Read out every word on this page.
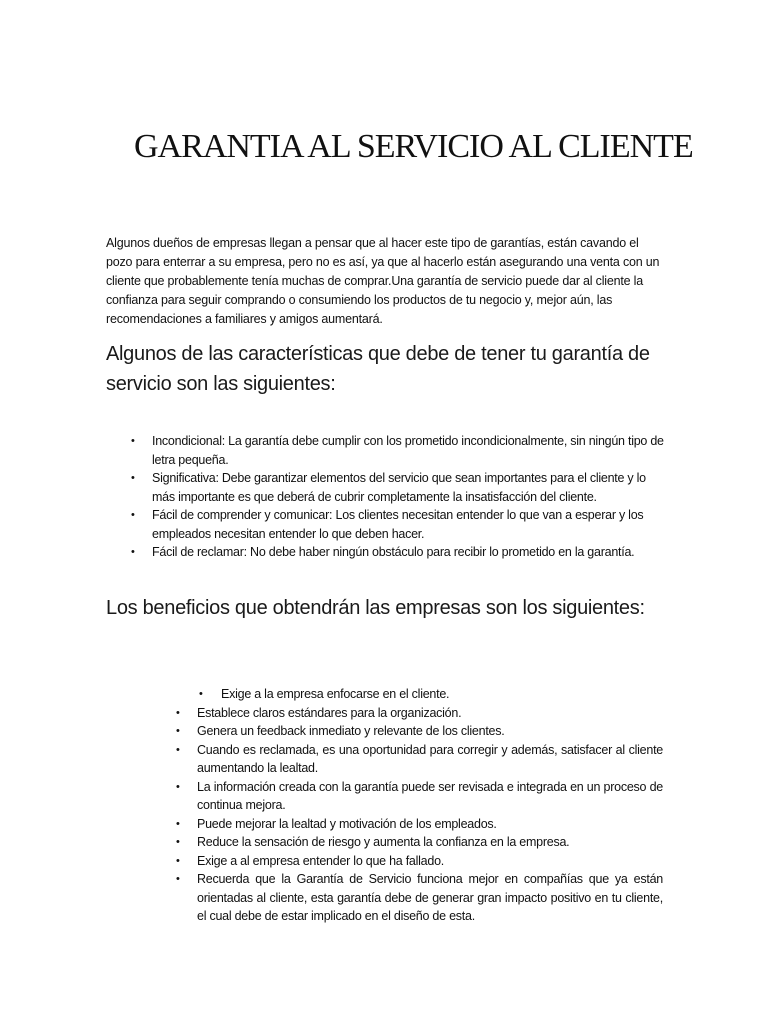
GARANTIA AL SERVICIO AL CLIENTE

Algunos dueños de empresas llegan a pensar que al hacer este tipo de garantías, están cavando el pozo para enterrar a su empresa, pero no es así, ya que al hacerlo están asegurando una venta con un cliente que probablemente tenía muchas de comprar.Una garantía de servicio puede dar al cliente la confianza para seguir comprando o consumiendo los productos de tu negocio y, mejor aún, las recomendaciones a familiares y amigos aumentará.

Algunos de las características que debe de tener tu garantía de servicio son las siguientes:
• Incondicional: La garantía debe cumplir con los prometido incondicionalmente, sin ningún tipo de letra pequeña.
• Significativa: Debe garantizar elementos del servicio que sean importantes para el cliente y lo más importante es que deberá de cubrir completamente la insatisfacción del cliente.
• Fácil de comprender y comunicar: Los clientes necesitan entender lo que van a esperar y los empleados necesitan entender lo que deben hacer.
• Fácil de reclamar: No debe haber ningún obstáculo para recibir lo prometido en la garantía.
Los beneficios que obtendrán las empresas son los siguientes:
• Exige a la empresa enfocarse en el cliente.
• Establece claros estándares para la organización.
• Genera un feedback inmediato y relevante de los clientes.
• Cuando es reclamada, es una oportunidad para corregir y además, satisfacer al cliente aumentando la lealtad.
• La información creada con la garantía puede ser revisada e integrada en un proceso de continua mejora.
• Puede mejorar la lealtad y motivación de los empleados.
• Reduce la sensación de riesgo y aumenta la confianza en la empresa.
• Exige a al empresa entender lo que ha fallado.
• Recuerda que la Garantía de Servicio funciona mejor en compañías que ya están orientadas al cliente, esta garantía debe de generar gran impacto positivo en tu cliente, el cual debe de estar implicado en el diseño de esta.
